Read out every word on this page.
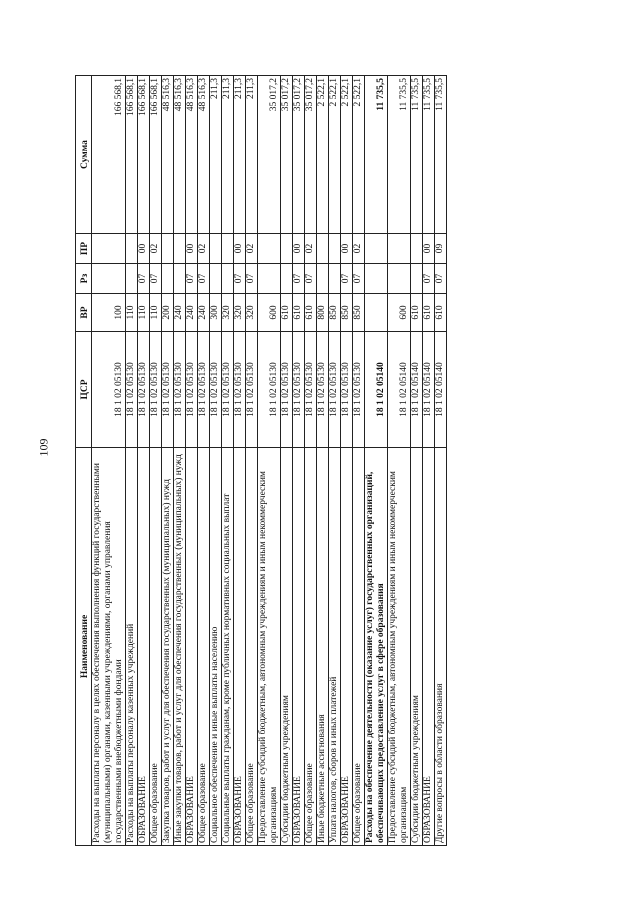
109
Наименование	ЦСР	ВР	Рз	ПР	Сумма
Расходы на выплаты персоналу в целях обеспечения выполнения функций государственными (муниципальными) органами, казенными учреждениями, органами управления государственными внебюджетными фондами	18 1 02 05130	100			166 568,1
Расходы на выплаты персоналу казенных учреждений	18 1 02 05130	110			166 568,1
ОБРАЗОВАНИЕ	18 1 02 05130	110	07	00	166 568,1
Общее образование	18 1 02 05130	110	07	02	166 568,1
Закупка товаров, работ и услуг для обеспечения государственных (муниципальных) нужд	18 1 02 05130	200			48 516,3
Иные закупки товаров, работ и услуг для обеспечения государственных (муниципальных) нужд	18 1 02 05130	240			48 516,3
ОБРАЗОВАНИЕ	18 1 02 05130	240	07	00	48 516,3
Общее образование	18 1 02 05130	240	07	02	48 516,3
Социальное обеспечение и иные выплаты населению	18 1 02 05130	300			211,3
Социальные выплаты гражданам, кроме публичных нормативных социальных выплат	18 1 02 05130	320			211,3
ОБРАЗОВАНИЕ	18 1 02 05130	320	07	00	211,3
Общее образование	18 1 02 05130	320	07	02	211,3
Предоставление субсидий бюджетным, автономным учреждениям и иным некоммерческим организациям	18 1 02 05130	600			35 017,2
Субсидии бюджетным учреждениям	18 1 02 05130	610			35 017,2
ОБРАЗОВАНИЕ	18 1 02 05130	610	07	00	35 017,2
Общее образование	18 1 02 05130	610	07	02	35 017,2
Иные бюджетные ассигнования	18 1 02 05130	800			2 522,1
Уплата налогов, сборов и иных платежей	18 1 02 05130	850			2 522,1
ОБРАЗОВАНИЕ	18 1 02 05130	850	07	00	2 522,1
Общее образование	18 1 02 05130	850	07	02	2 522,1
Расходы на обеспечение деятельности (оказание услуг) государственных организаций, обеспечивающих предоставление услуг в сфере образования	18 1 02 05140				11 735,5
Предоставление субсидий бюджетным, автономным учреждениям и иным некоммерческим организациям	18 1 02 05140	600			11 735,5
Субсидии бюджетным учреждениям	18 1 02 05140	610			11 735,5
ОБРАЗОВАНИЕ	18 1 02 05140	610	07	00	11 735,5
Другие вопросы в области образования	18 1 02 05140	610	07	09	11 735,5
